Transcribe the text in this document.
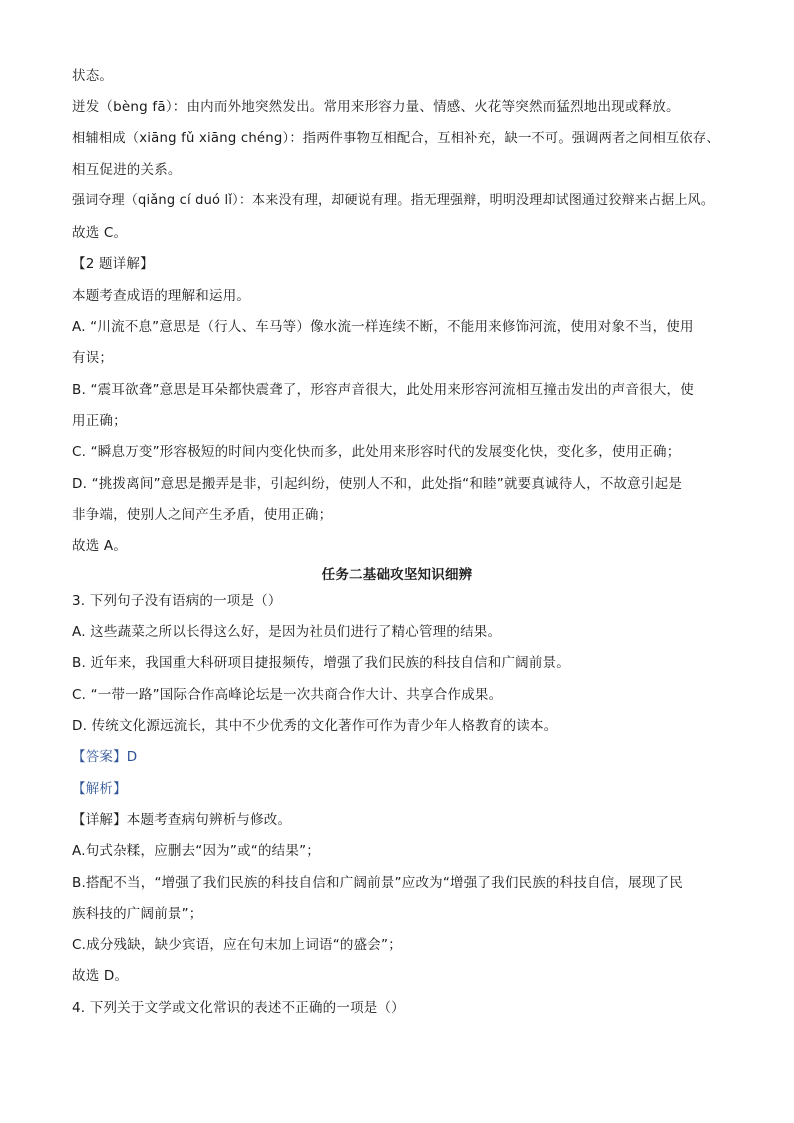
状态。
迸发（bèng fā）：由内而外地突然发出。常用来形容力量、情感、火花等突然而猛烈地出现或释放。
相辅相成（xiāng fǔ xiāng chéng）：指两件事物互相配合，互相补充，缺一不可。强调两者之间相互依存、
相互促进的关系。
强词夺理（qiǎng cí duó lǐ）：本来没有理，却硬说有理。指无理强辩，明明没理却试图通过狡辩来占据上风。
故选 C。
【2 题详解】
本题考查成语的理解和运用。
A. “川流不息”意思是（行人、车马等）像水流一样连续不断，不能用来修饰河流，使用对象不当，使用
有误；
B. “震耳欲聋”意思是耳朵都快震聋了，形容声音很大，此处用来形容河流相互撞击发出的声音很大，使
用正确；
C. “瞬息万变”形容极短的时间内变化快而多，此处用来形容时代的发展变化快，变化多，使用正确；
D. “挑拨离间”意思是搬弄是非，引起纠纷，使别人不和，此处指“和睦”就要真诚待人，不故意引起是
非争端，使别人之间产生矛盾，使用正确；
故选 A。
任务二基础攻坚知识细辨
3. 下列句子没有语病的一项是（）
A. 这些蔬菜之所以长得这么好，是因为社员们进行了精心管理的结果。
B. 近年来，我国重大科研项目捷报频传，增强了我们民族的科技自信和广阔前景。
C. “一带一路”国际合作高峰论坛是一次共商合作大计、共享合作成果。
D. 传统文化源远流长，其中不少优秀的文化著作可作为青少年人格教育的读本。
【答案】D
【解析】
【详解】本题考查病句辨析与修改。
A.句式杂糅，应删去“因为”或“的结果”；
B.搭配不当，“增强了我们民族的科技自信和广阔前景”应改为“增强了我们民族的科技自信，展现了民
族科技的广阔前景”；
C.成分残缺，缺少宾语，应在句末加上词语“的盛会”；
故选 D。
4. 下列关于文学或文化常识的表述不正确的一项是（）
